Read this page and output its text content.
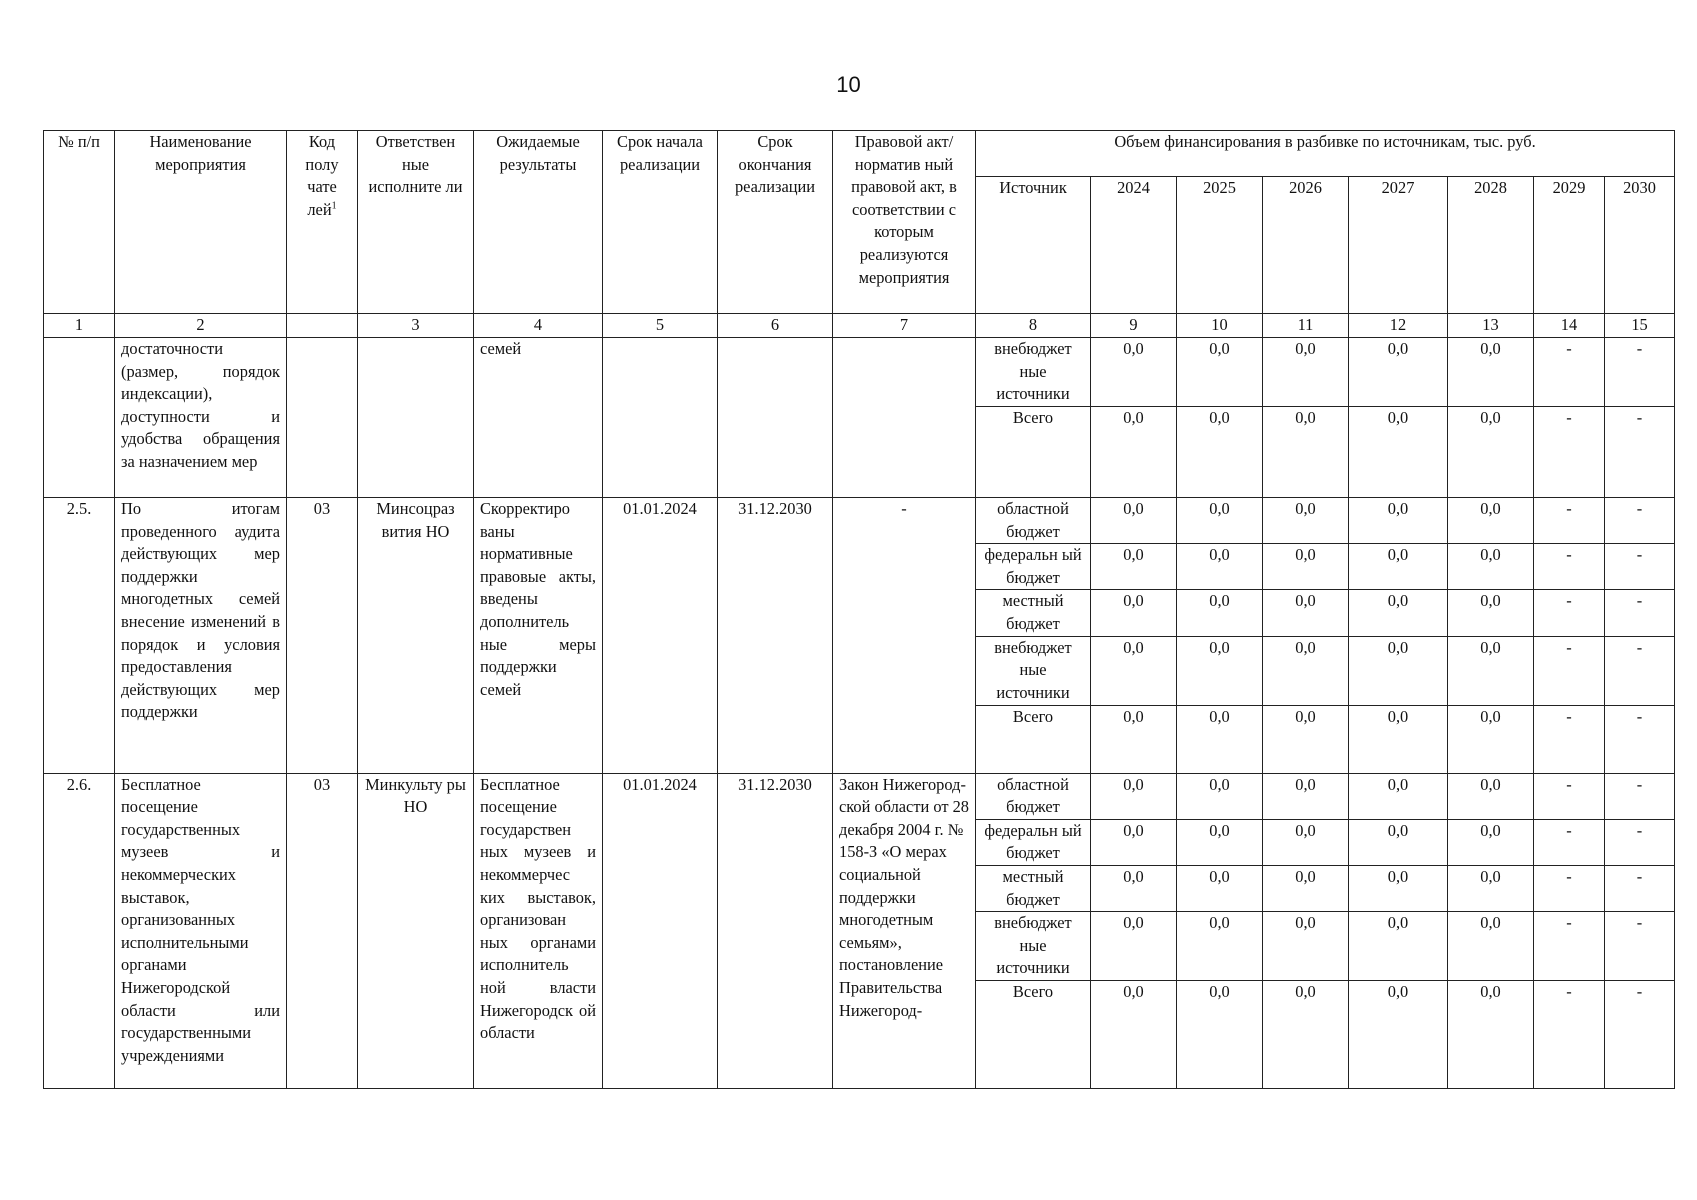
10
№ п/п	Наименование мероприятия	Код полу чате лей$^1$	Ответствен ные исполните ли	Ожидаемые результаты	Срок начала реализации	Срок окончания реализации	Правовой акт/норматив ный правовой акт, в соответствии с которым реализуются мероприятия	Объем финансирования в разбивке по источникам, тыс. руб.							
								Источник	2024	2025	2026	2027	2028	2029	2030
1	2		3	4	5	6	7	8	9	10	11	12	13	14	15
	достаточности (размер, порядок индексации), доступности и удобства обращения за назначением мер			семей				внебюджет ные источники	0,0	0,0	0,0	0,0	0,0	-	-
								Всего	0,0	0,0	0,0	0,0	0,0	-	-
2.5.	По итогам проведенного аудита действующих мер поддержки многодетных семей внесение изменений в порядок и условия предоставления действующих мер поддержки	03	Минсоцраз вития НО	Скорректиро ваны нормативные правовые акты, введены дополнитель ные меры поддержки семей	01.01.2024	31.12.2030	-	областной бюджет	0,0	0,0	0,0	0,0	0,0	-	-
								федеральн ый бюджет	0,0	0,0	0,0	0,0	0,0	-	-
								местный бюджет	0,0	0,0	0,0	0,0	0,0	-	-
								внебюджет ные источники	0,0	0,0	0,0	0,0	0,0	-	-
								Всего	0,0	0,0	0,0	0,0	0,0	-	-
2.6.	Бесплатное посещение государственных музеев и некоммерческих выставок, организованных исполнительными органами Нижегородской области или государственными учреждениями	03	Минкульту ры НО	Бесплатное посещение государствен ных музеев и некоммерчес ких выставок, организован ных органами исполнитель ной власти Нижегородск ой области	01.01.2024	31.12.2030	Закон Нижегород-ской области от 28 декабря 2004 г. № 158-З «О мерах социальной поддержки многодетным семьям», постановление Правительства Нижегород-	областной бюджет	0,0	0,0	0,0	0,0	0,0	-	-
								федеральн ый бюджет	0,0	0,0	0,0	0,0	0,0	-	-
								местный бюджет	0,0	0,0	0,0	0,0	0,0	-	-
								внебюджет ные источники	0,0	0,0	0,0	0,0	0,0	-	-
								Всего	0,0	0,0	0,0	0,0	0,0	-	-
